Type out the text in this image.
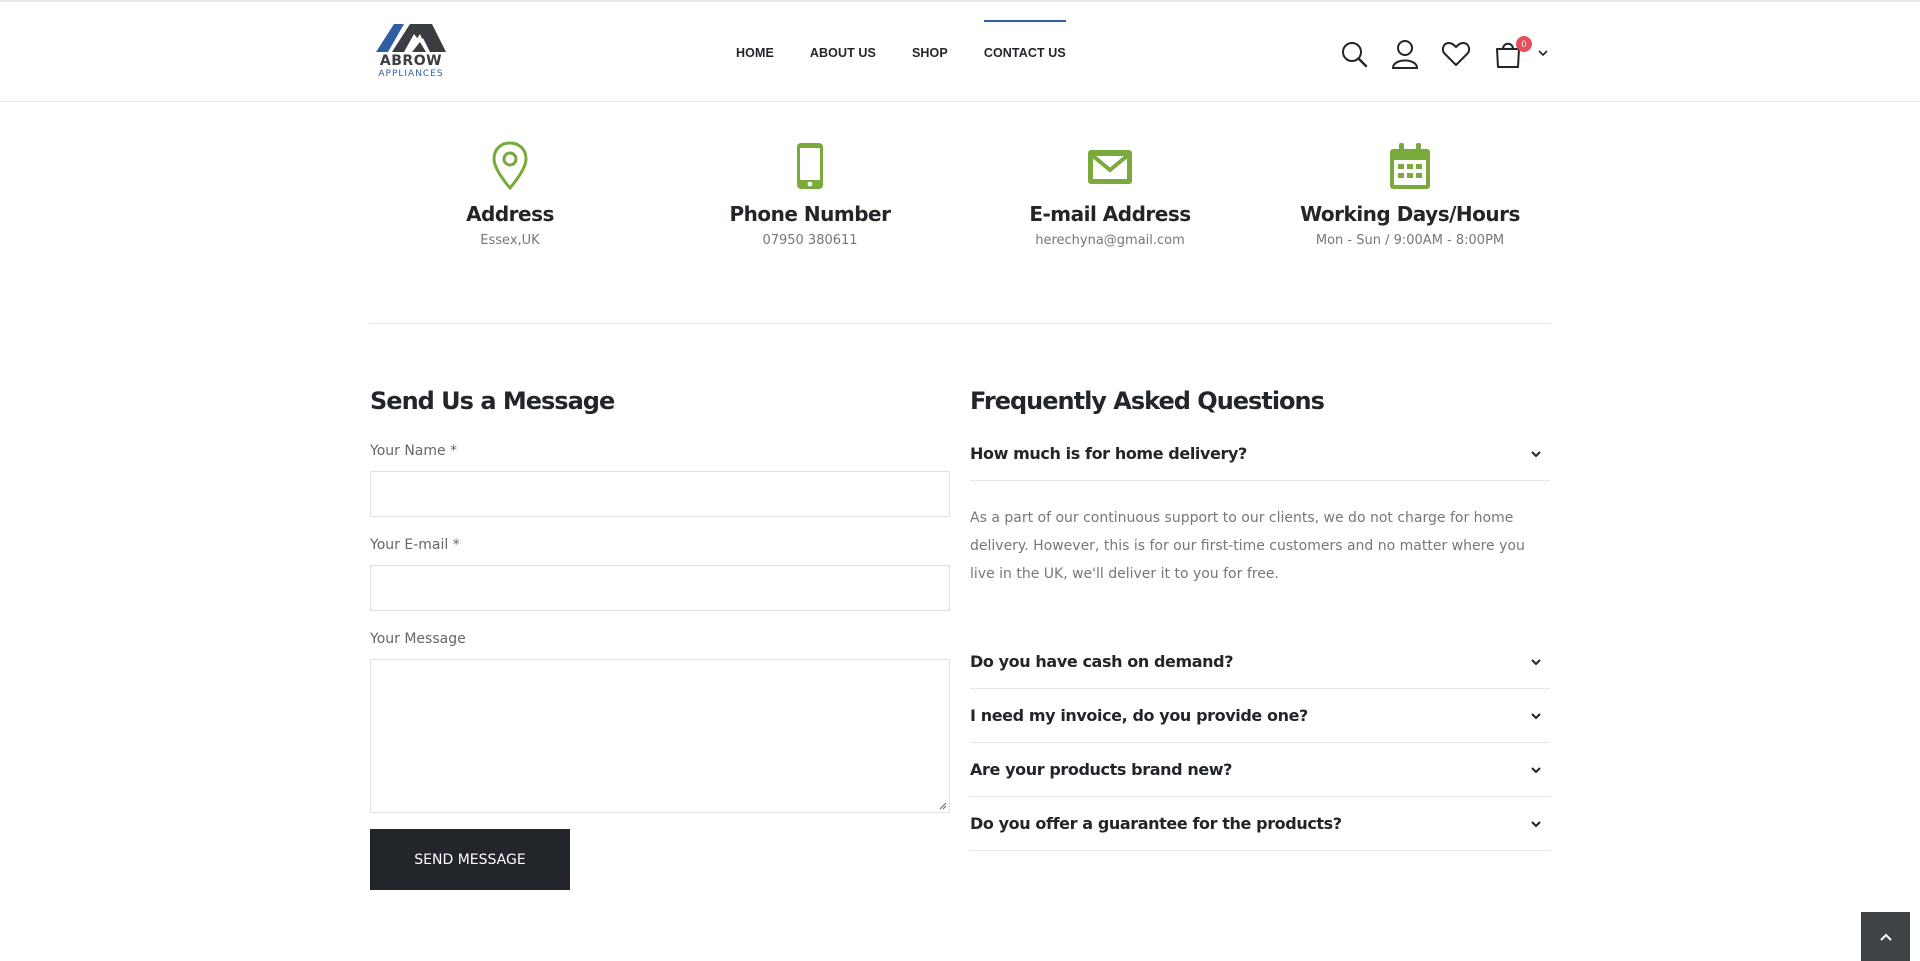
ABROW
APPLIANCES
HOME	ABOUT US	SHOP	CONTACT US
0
Address

Essex,UK

Phone Number

07950 380611

E-mail Address

herechyna@gmail.com

Working Days/Hours

Mon - Sun / 9:00AM - 8:00PM

Send Us a Message
Your Name *
Your E-mail *
Your Message
SEND MESSAGE
Frequently Asked Questions
How much is for home delivery?

As a part of our continuous support to our clients, we do not charge for home delivery. However, this is for our first-time customers and no matter where you live in the UK, we'll deliver it to you for free.

Do you have cash on demand?
I need my invoice, do you provide one?
Are your products brand new?
Do you offer a guarantee for the products?
